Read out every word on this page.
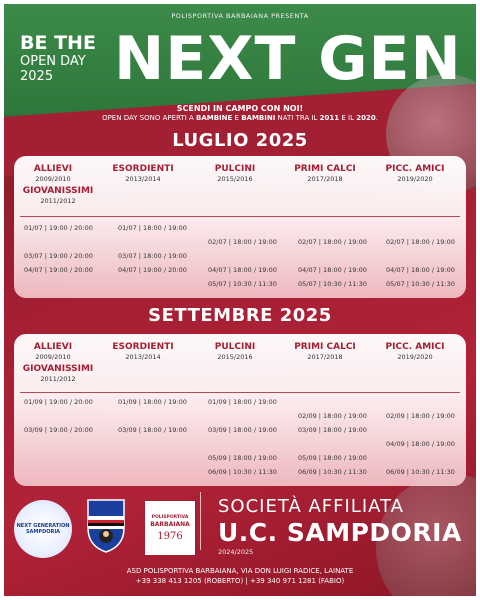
POLISPORTIVA BARBAIANA PRESENTA
BE THE
OPEN DAY
2025 NEXT GEN
SCENDI IN CAMPO CON NOI!
OPEN DAY SONO APERTI A BAMBINE E BAMBINI NATI TRA IL 2011 E IL 2020.
LUGLIO 2025
ALLIEVI
2009/2010
GIOVANISSIMI
2011/2012
ESORDIENTI
2013/2014
PULCINI
2015/2016
PRIMI CALCI
2017/2018
PICC. AMICI
2019/2020
01/07 | 19:00 / 20:00
03/07 | 19:00 / 20:00
04/07 | 19:00 / 20:00
01/07 | 18:00 / 19:00
03/07 | 18:00 / 19:00
04/07 | 19:00 / 20:00
02/07 | 18:00 / 19:00
04/07 | 18:00 / 19:00
05/07 | 10:30 / 11:30
02/07 | 18:00 / 19:00
04/07 | 18:00 / 19:00
05/07 | 10:30 / 11:30
02/07 | 18:00 / 19:00
04/07 | 18:00 / 19:00
05/07 | 10:30 / 11:30
SETTEMBRE 2025
ALLIEVI
2009/2010
GIOVANISSIMI
2011/2012
ESORDIENTI
2013/2014
PULCINI
2015/2016
PRIMI CALCI
2017/2018
PICC. AMICI
2019/2020
01/09 | 19:00 / 20:00
03/09 | 19:00 / 20:00
01/09 | 18:00 / 19:00
03/09 | 18:00 / 19:00
01/09 | 18:00 / 19:00
03/09 | 18:00 / 19:00
05/09 | 18:00 / 19:00
06/09 | 10:30 / 11:30
02/09 | 18:00 / 19:00
03/09 | 18:00 / 19:00
05/09 | 18:00 / 19:00
06/09 | 10:30 / 11:30
02/09 | 18:00 / 19:00
04/09 | 18:00 / 19:00
06/09 | 10:30 / 11:30
NEXT GENERATION SAMPDORIA
POLISPORTIVA
BARBAIANA
1976
SOCIETÀ AFFILIATA
U.C. SAMPDORIA
2024/2025
ASD POLISPORTIVA BARBAIANA, VIA DON LUIGI RADICE, LAINATE
+39 338 413 1205 (ROBERTO) | +39 340 971 1281 (FABIO)
